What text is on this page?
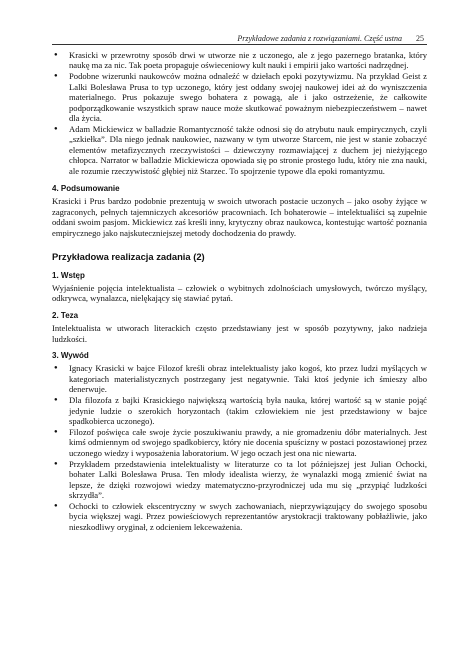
Przykładowe zadania z rozwiązaniami. Część ustna 25
● Krasicki w przewrotny sposób drwi w utworze nie z uczonego, ale z jego pazernego bratanka, który naukę ma za nic. Tak poeta propaguje oświeceniowy kult nauki i empirii jako wartości nadrzędnej.
● Podobne wizerunki naukowców można odnaleźć w dziełach epoki pozytywizmu. Na przykład Geist z Lalki Bolesława Prusa to typ uczonego, który jest oddany swojej naukowej idei aż do wyniszczenia materialnego. Prus pokazuje swego bohatera z powagą, ale i jako ostrzeżenie, że całkowite podporządkowanie wszystkich spraw nauce może skutkować poważnym niebezpieczeństwem – nawet dla życia.
● Adam Mickiewicz w balladzie Romantyczność także odnosi się do atrybutu nauk empirycznych, czyli „szkiełka”. Dla niego jednak naukowiec, nazwany w tym utworze Starcem, nie jest w stanie zobaczyć elementów metafizycznych rzeczywistości – dziewczyny rozmawiającej z duchem jej nieżyjącego chłopca. Narrator w balladzie Mickiewicza opowiada się po stronie prostego ludu, który nie zna nauki, ale rozumie rzeczywistość głębiej niż Starzec. To spojrzenie typowe dla epoki romantyzmu.
4. Podsumowanie

Krasicki i Prus bardzo podobnie prezentują w swoich utworach postacie uczonych – jako osoby żyjące w zagraconych, pełnych tajemniczych akcesoriów pracowniach. Ich bohaterowie – intelektualiści są zupełnie oddani swoim pasjom. Mickiewicz zaś kreśli inny, krytyczny obraz naukowca, kontestując wartość poznania empirycznego jako najskuteczniejszej metody dochodzenia do prawdy.

Przykładowa realizacja zadania (2)
1. Wstęp

Wyjaśnienie pojęcia intelektualista – człowiek o wybitnych zdolnościach umysłowych, twórczo myślący, odkrywca, wynalazca, nielękający się stawiać pytań.

2. Teza

Intelektualista w utworach literackich często przedstawiany jest w sposób pozytywny, jako nadzieja ludzkości.

3. Wywód
● Ignacy Krasicki w bajce Filozof kreśli obraz intelektualisty jako kogoś, kto przez ludzi myślących w kategoriach materialistycznych postrzegany jest negatywnie. Taki ktoś jedynie ich śmieszy albo denerwuje.
● Dla filozofa z bajki Krasickiego największą wartością była nauka, której wartość są w stanie pojąć jedynie ludzie o szerokich horyzontach (takim człowiekiem nie jest przedstawiony w bajce spadkobierca uczonego).
● Filozof poświęca całe swoje życie poszukiwaniu prawdy, a nie gromadzeniu dóbr materialnych. Jest kimś odmiennym od swojego spadkobiercy, który nie docenia spuścizny w postaci pozostawionej przez uczonego wiedzy i wyposażenia laboratorium. W jego oczach jest ona nic niewarta.
● Przykładem przedstawienia intelektualisty w literaturze co ta lot późniejszej jest Julian Ochocki, bohater Lalki Bolesława Prusa. Ten młody idealista wierzy, że wynalazki mogą zmienić świat na lepsze, że dzięki rozwojowi wiedzy matematyczno-przyrodniczej uda mu się „przypiąć ludzkości skrzydła”.
● Ochocki to człowiek ekscentryczny w swych zachowaniach, nieprzywiązujący do swojego sposobu bycia większej wagi. Przez powieściowych reprezentantów arystokracji traktowany pobłażliwie, jako nieszkodliwy oryginał, z odcieniem lekceważenia.
